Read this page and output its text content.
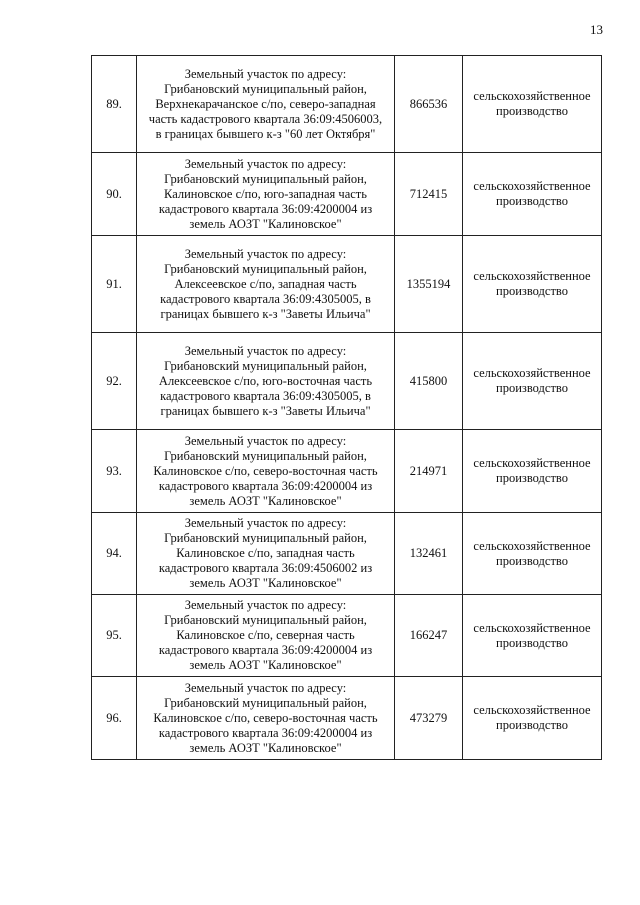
13
89.	Земельный участок по адресу:
Грибановский муниципальный район,
Верхнекарачанское с/по, северо-западная
часть кадастрового квартала 36:09:4506003,
в границах бывшего к-з "60 лет Октября"	866536	сельскохозяйственное
производство

90.	Земельный участок по адресу:
Грибановский муниципальный район,
Калиновское с/по, юго-западная часть
кадастрового квартала 36:09:4200004 из
земель АОЗТ "Калиновское"	712415	сельскохозяйственное
производство

91.	Земельный участок по адресу:
Грибановский муниципальный район,
Алексеевское с/по, западная часть
кадастрового квартала 36:09:4305005, в
границах бывшего к-з "Заветы Ильича"	1355194	сельскохозяйственное
производство

92.	Земельный участок по адресу:
Грибановский муниципальный район,
Алексеевское с/по, юго-восточная часть
кадастрового квартала 36:09:4305005, в
границах бывшего к-з "Заветы Ильича"	415800	сельскохозяйственное
производство

93.	Земельный участок по адресу:
Грибановский муниципальный район,
Калиновское с/по, северо-восточная часть
кадастрового квартала 36:09:4200004 из
земель АОЗТ "Калиновское"	214971	сельскохозяйственное
производство

94.	Земельный участок по адресу:
Грибановский муниципальный район,
Калиновское с/по, западная часть
кадастрового квартала 36:09:4506002 из
земель АОЗТ "Калиновское"	132461	сельскохозяйственное
производство

95.	Земельный участок по адресу:
Грибановский муниципальный район,
Калиновское с/по, северная часть
кадастрового квартала 36:09:4200004 из
земель АОЗТ "Калиновское"	166247	сельскохозяйственное
производство

96.	Земельный участок по адресу:
Грибановский муниципальный район,
Калиновское с/по, северо-восточная часть
кадастрового квартала 36:09:4200004 из
земель АОЗТ "Калиновское"	473279	сельскохозяйственное
производство
